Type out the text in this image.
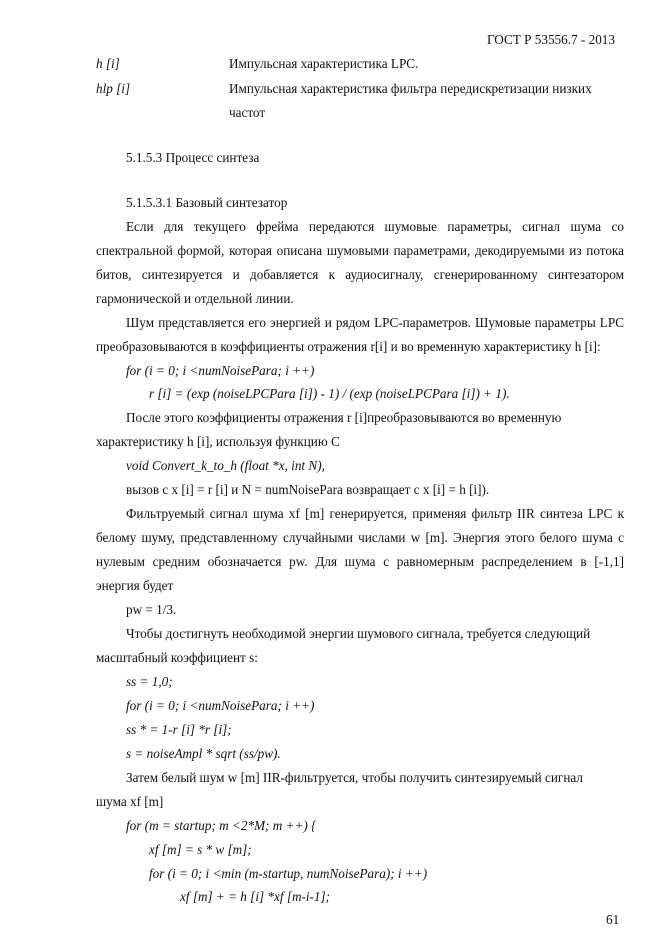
ГОСТ Р 53556.7 - 2013
h [i]	Импульсная характеристика LPC.
hlp [i]	Импульсная характеристика фильтра передискретизации низких
частот
5.1.5.3 Процесс синтеза
5.1.5.3.1 Базовый синтезатор
Если для текущего фрейма передаются шумовые параметры, сигнал шума со
спектральной формой, которая описана шумовыми параметрами, декодируемыми из потока
битов, синтезируется и добавляется к аудиосигналу, сгенерированному синтезатором
гармонической и отдельной линии.
Шум представляется его энергией и рядом LPC-параметров. Шумовые параметры LPC
преобразовываются в коэффициенты отражения r[i] и во временную характеристику h [i]:
for (i = 0; i <numNoisePara; i ++)
r [i] = (exp (noiseLPCPara [i]) - 1) / (exp (noiseLPCPara [i]) + 1).
После этого коэффициенты отражения r [i]преобразовываются во временную
характеристику h [i], используя функцию C
void Convert_k_to_h (float *x, int N),
вызов с x [i] = r [i] и N = numNoisePara возвращает с x [i] = h [i]).
Фильтруемый сигнал шума xf [m] генерируется, применяя фильтр IIR синтеза LPC к
белому шуму, представленному случайными числами w [m]. Энергия этого белого шума с
нулевым средним обозначается pw. Для шума с равномерным распределением в [-1,1]
энергия будет
pw = 1/3.
Чтобы достигнуть необходимой энергии шумового сигнала, требуется следующий
масштабный коэффициент s:
ss = 1,0;
for (i = 0; i <numNoisePara; i ++)
ss * = 1-r [i] *r [i];
s = noiseAmpl * sqrt (ss/pw).
Затем белый шум w [m] IIR-фильтруется, чтобы получить синтезируемый сигнал
шума xf [m]
for (m = startup; m <2*M; m ++) {
xf [m] = s * w [m];
for (i = 0; i <min (m-startup, numNoisePara); i ++)
xf [m] + = h [i] *xf [m-i-1];
61
